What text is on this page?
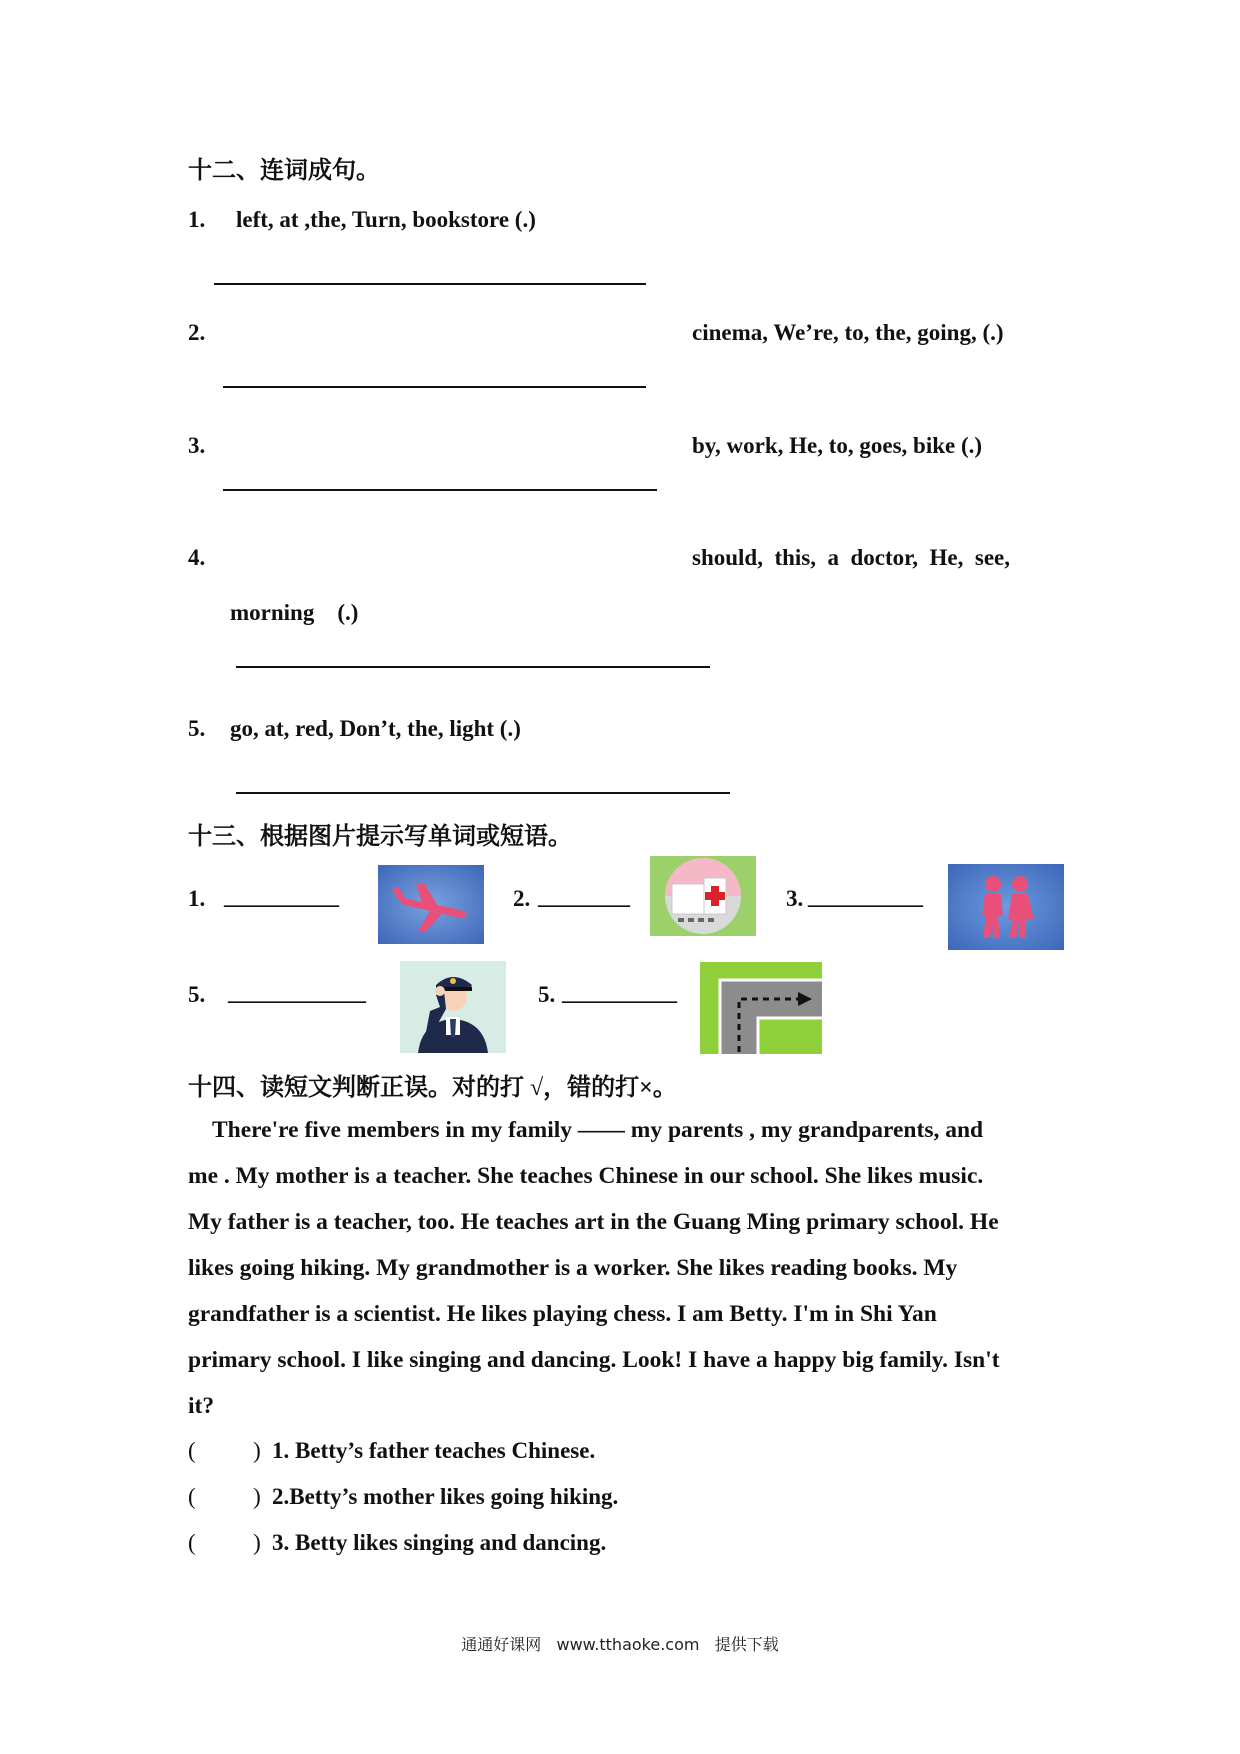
十二、连词成句。
1. left, at ,the, Turn, bookstore (.)
2.	cinema, We’re, to, the, going, (.)
3.	by, work, He, to, goes, bike (.)
4.	should,  this,  a  doctor,  He,  see,
morning    (.)
5. go, at, red, Don’t, the, light (.)
十三、根据图片提示写单词或短语。
1. __________	2. ________	3. __________
5. ____________	5. __________
十四、读短文判断正误。对的打 √，错的打×。

There're five members in my family —— my parents , my grandparents, and

me . My mother is a teacher. She teaches Chinese in our school. She likes music.

My father is a teacher, too. He teaches art in the Guang Ming primary school. He

likes going hiking. My grandmother is a worker. She likes reading books. My

grandfather is a scientist. He likes playing chess. I am Betty. I'm in Shi Yan

primary school. I like singing and dancing. Look! I have a happy big family. Isn't

it?

(          ) 1. Betty’s father teaches Chinese.
(          ) 2.Betty’s mother likes going hiking.
(          ) 3. Betty likes singing and dancing.
通通好课网   www.tthaoke.com   提供下载
